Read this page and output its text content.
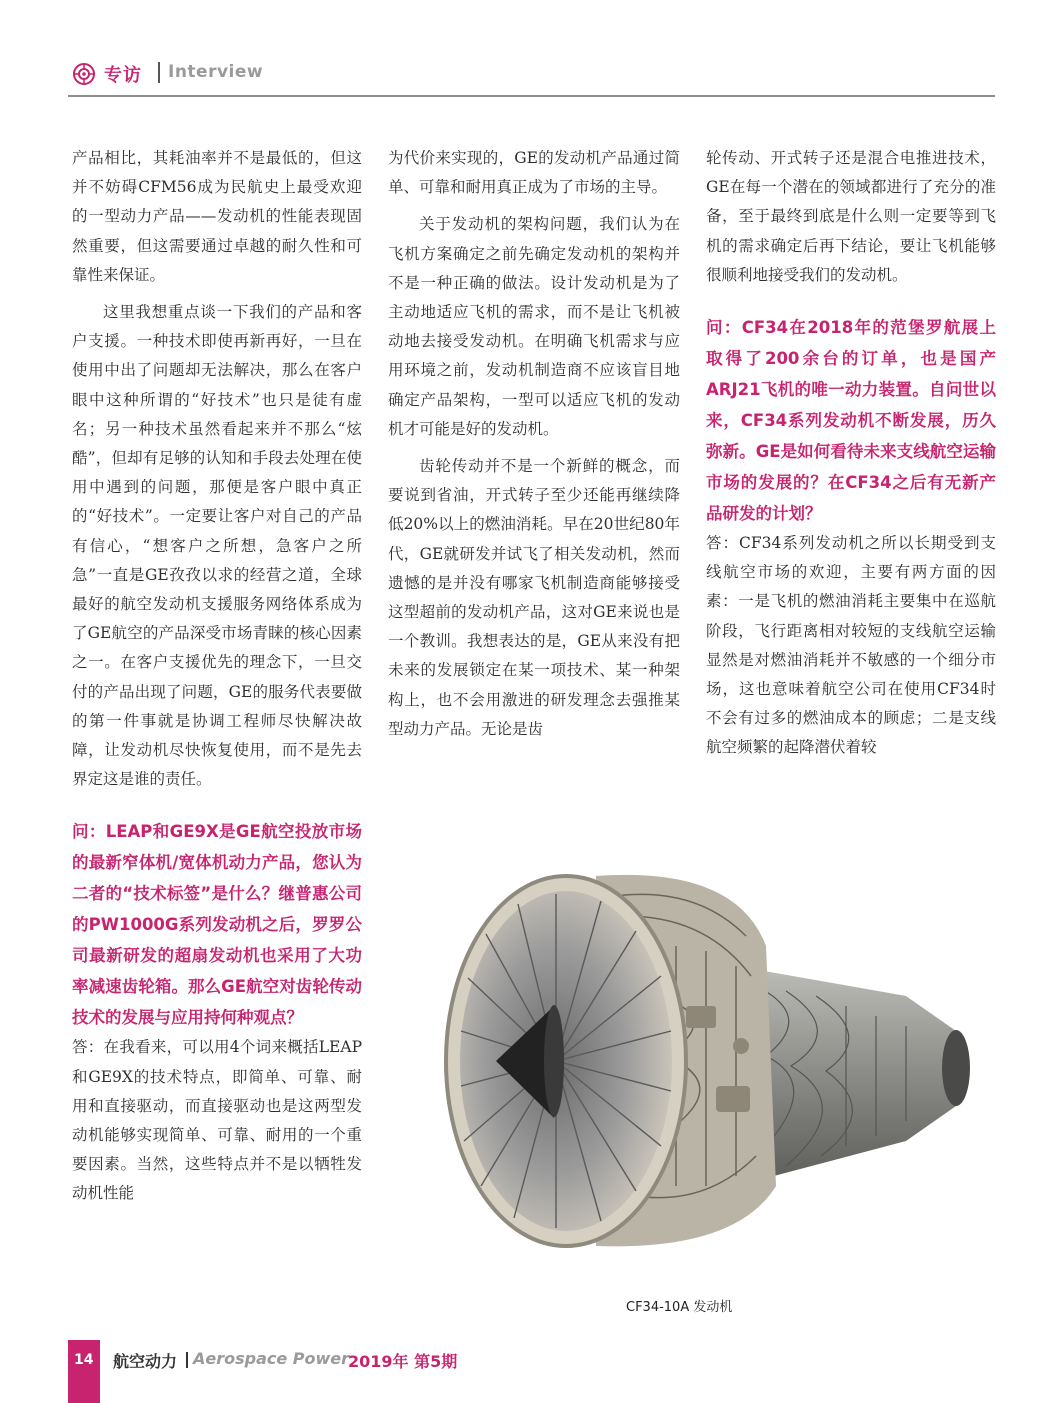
专访 Interview

产品相比，其耗油率并不是最低的，但这并不妨碍CFM56成为民航史上最受欢迎的一型动力产品——发动机的性能表现固然重要，但这需要通过卓越的耐久性和可靠性来保证。

这里我想重点谈一下我们的产品和客户支援。一种技术即使再新再好，一旦在使用中出了问题却无法解决，那么在客户眼中这种所谓的“好技术”也只是徒有虚名；另一种技术虽然看起来并不那么“炫酷”，但却有足够的认知和手段去处理在使用中遇到的问题，那便是客户眼中真正的“好技术”。一定要让客户对自己的产品有信心，“想客户之所想，急客户之所急”一直是GE孜孜以求的经营之道，全球最好的航空发动机支援服务网络体系成为了GE航空的产品深受市场青睐的核心因素之一。在客户支援优先的理念下，一旦交付的产品出现了问题，GE的服务代表要做的第一件事就是协调工程师尽快解决故障，让发动机尽快恢复使用，而不是先去界定这是谁的责任。

问：LEAP和GE9X是GE航空投放市场的最新窄体机/宽体机动力产品，您认为二者的“技术标签”是什么？继普惠公司的PW1000G系列发动机之后，罗罗公司最新研发的超扇发动机也采用了大功率减速齿轮箱。那么GE航空对齿轮传动技术的发展与应用持何种观点？

答：在我看来，可以用4个词来概括LEAP和GE9X的技术特点，即简单、可靠、耐用和直接驱动，而直接驱动也是这两型发动机能够实现简单、可靠、耐用的一个重要因素。当然，这些特点并不是以牺牲发动机性能

为代价来实现的，GE的发动机产品通过简单、可靠和耐用真正成为了市场的主导。

关于发动机的架构问题，我们认为在飞机方案确定之前先确定发动机的架构并不是一种正确的做法。设计发动机是为了主动地适应飞机的需求，而不是让飞机被动地去接受发动机。在明确飞机需求与应用环境之前，发动机制造商不应该盲目地确定产品架构，一型可以适应飞机的发动机才可能是好的发动机。

齿轮传动并不是一个新鲜的概念，而要说到省油，开式转子至少还能再继续降低20%以上的燃油消耗。早在20世纪80年代，GE就研发并试飞了相关发动机，然而遗憾的是并没有哪家飞机制造商能够接受这型超前的发动机产品，这对GE来说也是一个教训。我想表达的是，GE从来没有把未来的发展锁定在某一项技术、某一种架构上，也不会用激进的研发理念去强推某型动力产品。无论是齿

轮传动、开式转子还是混合电推进技术，GE在每一个潜在的领域都进行了充分的准备，至于最终到底是什么则一定要等到飞机的需求确定后再下结论，要让飞机能够很顺利地接受我们的发动机。

问：CF34在2018年的范堡罗航展上取得了200余台的订单，也是国产ARJ21飞机的唯一动力装置。自问世以来，CF34系列发动机不断发展，历久弥新。GE是如何看待未来支线航空运输市场的发展的？在CF34之后有无新产品研发的计划？

答：CF34系列发动机之所以长期受到支线航空市场的欢迎，主要有两方面的因素：一是飞机的燃油消耗主要集中在巡航阶段，飞行距离相对较短的支线航空运输显然是对燃油消耗并不敏感的一个细分市场，这也意味着航空公司在使用CF34时不会有过多的燃油成本的顾虑；二是支线航空频繁的起降潜伏着较

CF34-10A 发动机
14 航空动力 Aerospace Power
2019年 第5期
